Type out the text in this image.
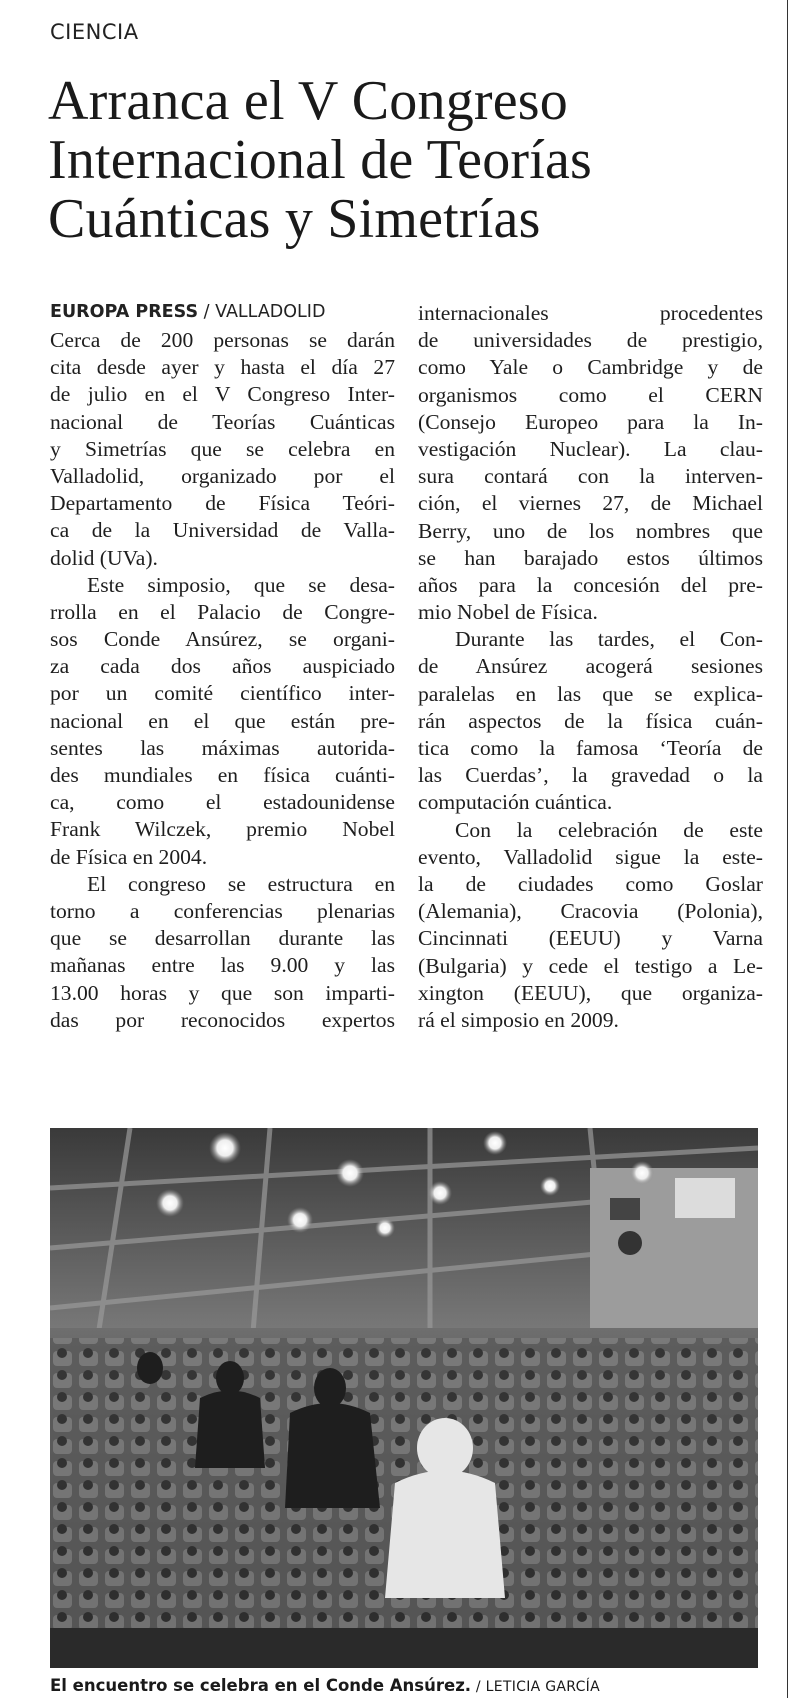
CIENCIA
Arranca el V Congreso
Internacional de Teorías
Cuánticas y Simetrías
EUROPA PRESS / VALLADOLID
Cerca de 200 personas se darán
cita desde ayer y hasta el día 27
de julio en el V Congreso Inter-
nacional de Teorías Cuánticas
y Simetrías que se celebra en
Valladolid, organizado por el
Departamento de Física Teóri-
ca de la Universidad de Valla-
dolid (UVa).
Este simposio, que se desa-
rrolla en el Palacio de Congre-
sos Conde Ansúrez, se organi-
za cada dos años auspiciado
por un comité científico inter-
nacional en el que están pre-
sentes las máximas autorida-
des mundiales en física cuánti-
ca, como el estadounidense
Frank Wilczek, premio Nobel
de Física en 2004.
El congreso se estructura en
torno a conferencias plenarias
que se desarrollan durante las
mañanas entre las 9.00 y las
13.00 horas y que son imparti-
das por reconocidos expertos
internacionales procedentes
de universidades de prestigio,
como Yale o Cambridge y de
organismos como el CERN
(Consejo Europeo para la In-
vestigación Nuclear). La clau-
sura contará con la interven-
ción, el viernes 27, de Michael
Berry, uno de los nombres que
se han barajado estos últimos
años para la concesión del pre-
mio Nobel de Física.
Durante las tardes, el Con-
de Ansúrez acogerá sesiones
paralelas en las que se explica-
rán aspectos de la física cuán-
tica como la famosa ‘Teoría de
las Cuerdas’, la gravedad o la
computación cuántica.
Con la celebración de este
evento, Valladolid sigue la este-
la de ciudades como Goslar
(Alemania), Cracovia (Polonia),
Cincinnati (EEUU) y Varna
(Bulgaria) y cede el testigo a Le-
xington (EEUU), que organiza-
rá el simposio en 2009.
El encuentro se celebra en el Conde Ansúrez. / LETICIA GARCÍA
